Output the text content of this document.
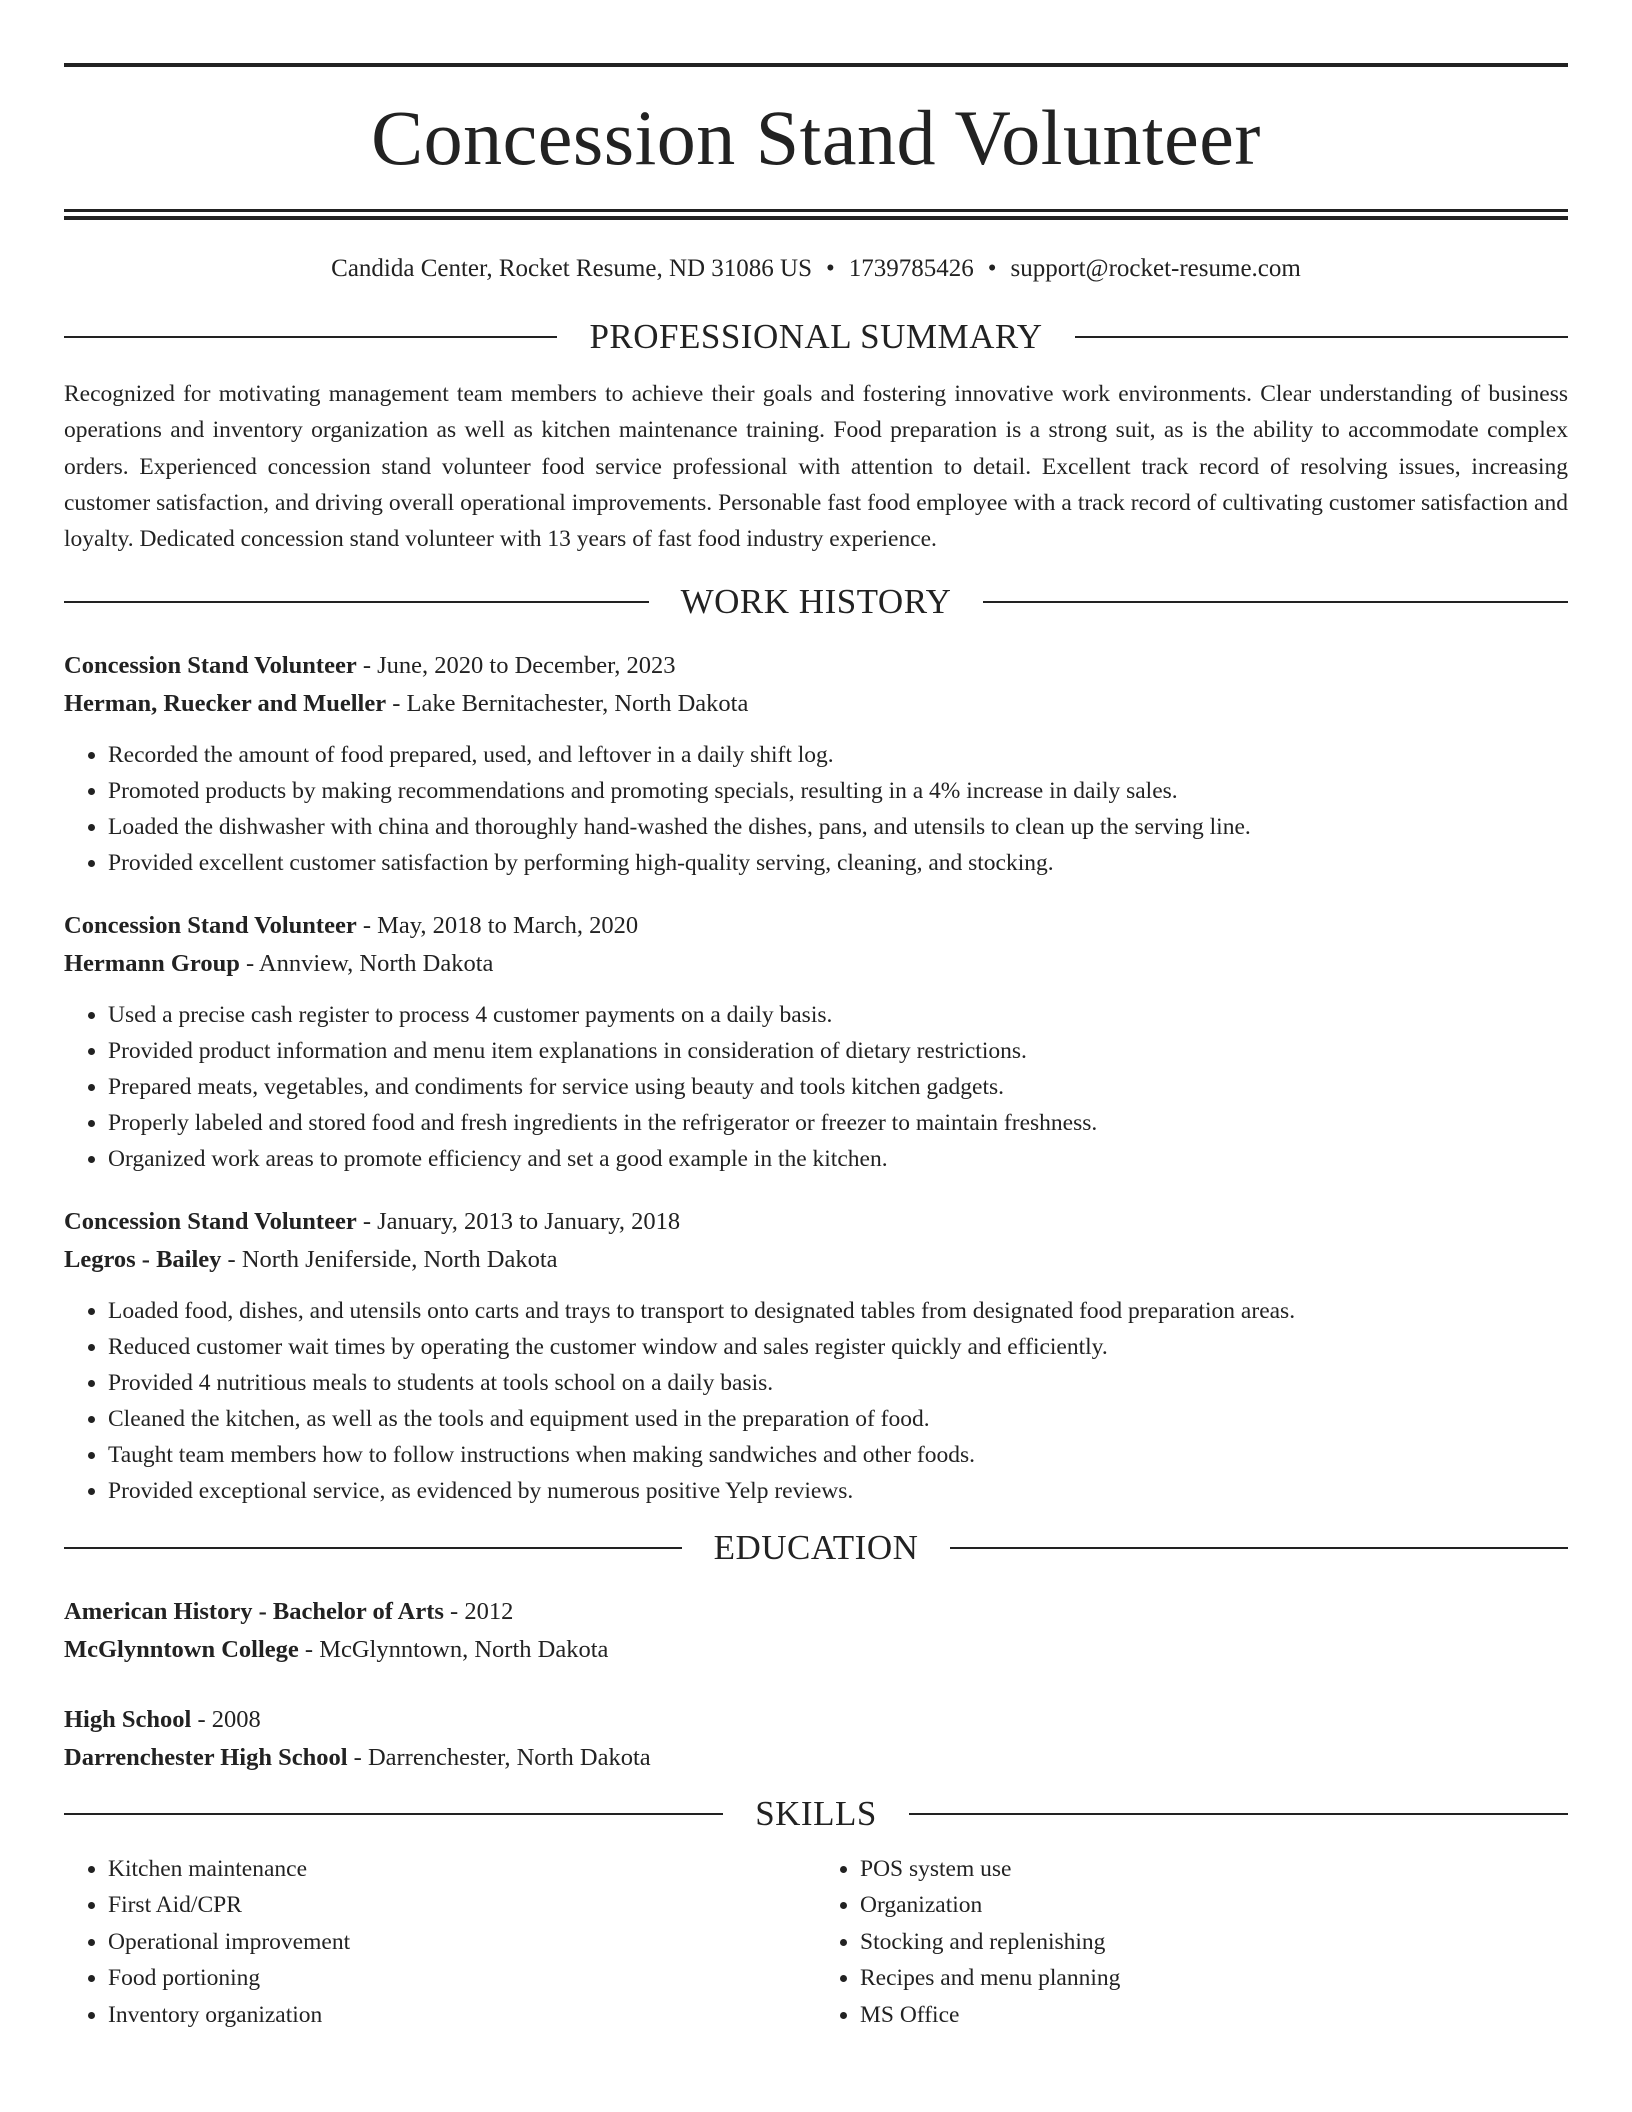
Concession Stand Volunteer
Candida Center, Rocket Resume, ND 31086 US • 1739785426 • support@rocket-resume.com
PROFESSIONAL SUMMARY

Recognized for motivating management team members to achieve their goals and fostering innovative work environments. Clear understanding of business operations and inventory organization as well as kitchen maintenance training. Food preparation is a strong suit, as is the ability to accommodate complex orders. Experienced concession stand volunteer food service professional with attention to detail. Excellent track record of resolving issues, increasing customer satisfaction, and driving overall operational improvements. Personable fast food employee with a track record of cultivating customer satisfaction and loyalty. Dedicated concession stand volunteer with 13 years of fast food industry experience.

WORK HISTORY
Concession Stand Volunteer - June, 2020 to December, 2023
Herman, Ruecker and Mueller - Lake Bernitachester, North Dakota
• Recorded the amount of food prepared, used, and leftover in a daily shift log.
• Promoted products by making recommendations and promoting specials, resulting in a 4% increase in daily sales.
• Loaded the dishwasher with china and thoroughly hand-washed the dishes, pans, and utensils to clean up the serving line.
• Provided excellent customer satisfaction by performing high-quality serving, cleaning, and stocking.
Concession Stand Volunteer - May, 2018 to March, 2020
Hermann Group - Annview, North Dakota
• Used a precise cash register to process 4 customer payments on a daily basis.
• Provided product information and menu item explanations in consideration of dietary restrictions.
• Prepared meats, vegetables, and condiments for service using beauty and tools kitchen gadgets.
• Properly labeled and stored food and fresh ingredients in the refrigerator or freezer to maintain freshness.
• Organized work areas to promote efficiency and set a good example in the kitchen.
Concession Stand Volunteer - January, 2013 to January, 2018
Legros - Bailey - North Jeniferside, North Dakota
• Loaded food, dishes, and utensils onto carts and trays to transport to designated tables from designated food preparation areas.
• Reduced customer wait times by operating the customer window and sales register quickly and efficiently.
• Provided 4 nutritious meals to students at tools school on a daily basis.
• Cleaned the kitchen, as well as the tools and equipment used in the preparation of food.
• Taught team members how to follow instructions when making sandwiches and other foods.
• Provided exceptional service, as evidenced by numerous positive Yelp reviews.
EDUCATION
American History - Bachelor of Arts - 2012
McGlynntown College - McGlynntown, North Dakota
High School - 2008
Darrenchester High School - Darrenchester, North Dakota
SKILLS
• Kitchen maintenance
• First Aid/CPR
• Operational improvement
• Food portioning
• Inventory organization
• POS system use
• Organization
• Stocking and replenishing
• Recipes and menu planning
• MS Office
